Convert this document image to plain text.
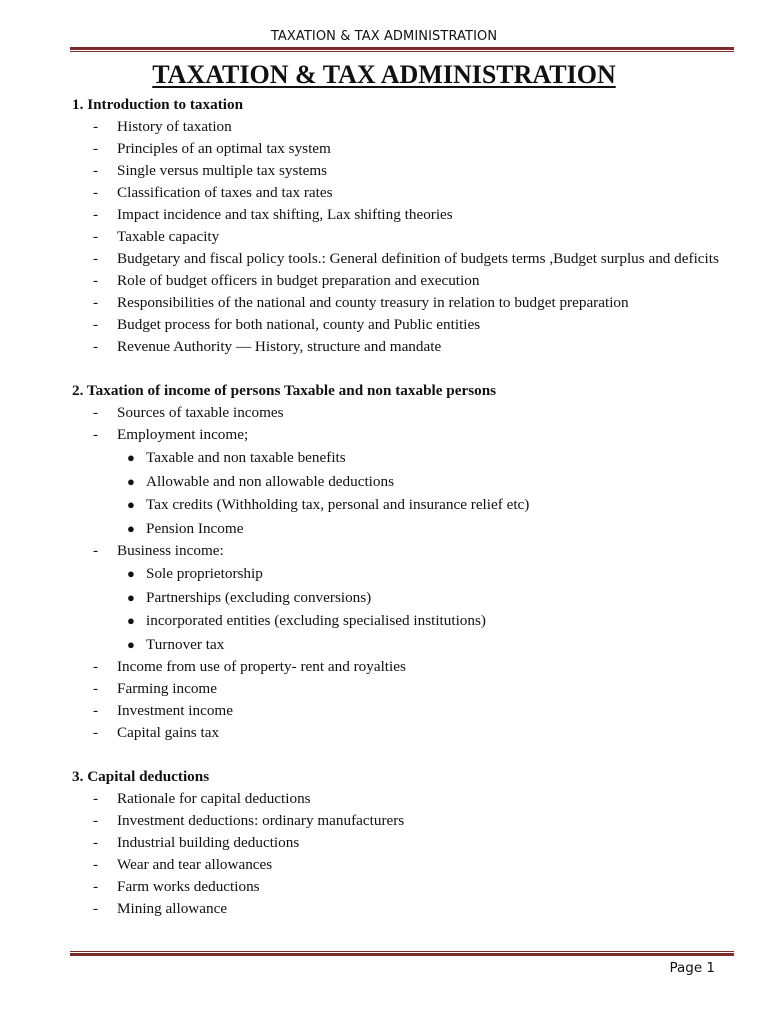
TAXATION & TAX ADMINISTRATION
TAXATION & TAX ADMINISTRATION
1. Introduction to taxation
- History of taxation
- Principles of an optimal tax system
- Single versus multiple tax systems
- Classification of taxes and tax rates
- Impact incidence and tax shifting, Lax shifting theories
- Taxable capacity
- Budgetary and fiscal policy tools.: General definition of budgets terms ,Budget surplus and deficits
- Role of budget officers in budget preparation and execution
- Responsibilities of the national and county treasury in relation to budget preparation
- Budget process for both national, county and Public entities
- Revenue Authority — History, structure and mandate
2. Taxation of income of persons Taxable and non taxable persons
- Sources of taxable incomes
- Employment income;
● Taxable and non taxable benefits
● Allowable and non allowable deductions
● Tax credits (Withholding tax, personal and insurance relief etc)
● Pension Income
- Business income:
● Sole proprietorship
● Partnerships (excluding conversions)
● incorporated entities (excluding specialised institutions)
● Turnover tax
- Income from use of property- rent and royalties
- Farming income
- Investment income
- Capital gains tax
3. Capital deductions
- Rationale for capital deductions
- Investment deductions: ordinary manufacturers
- Industrial building deductions
- Wear and tear allowances
- Farm works deductions
- Mining allowance
Page 1
